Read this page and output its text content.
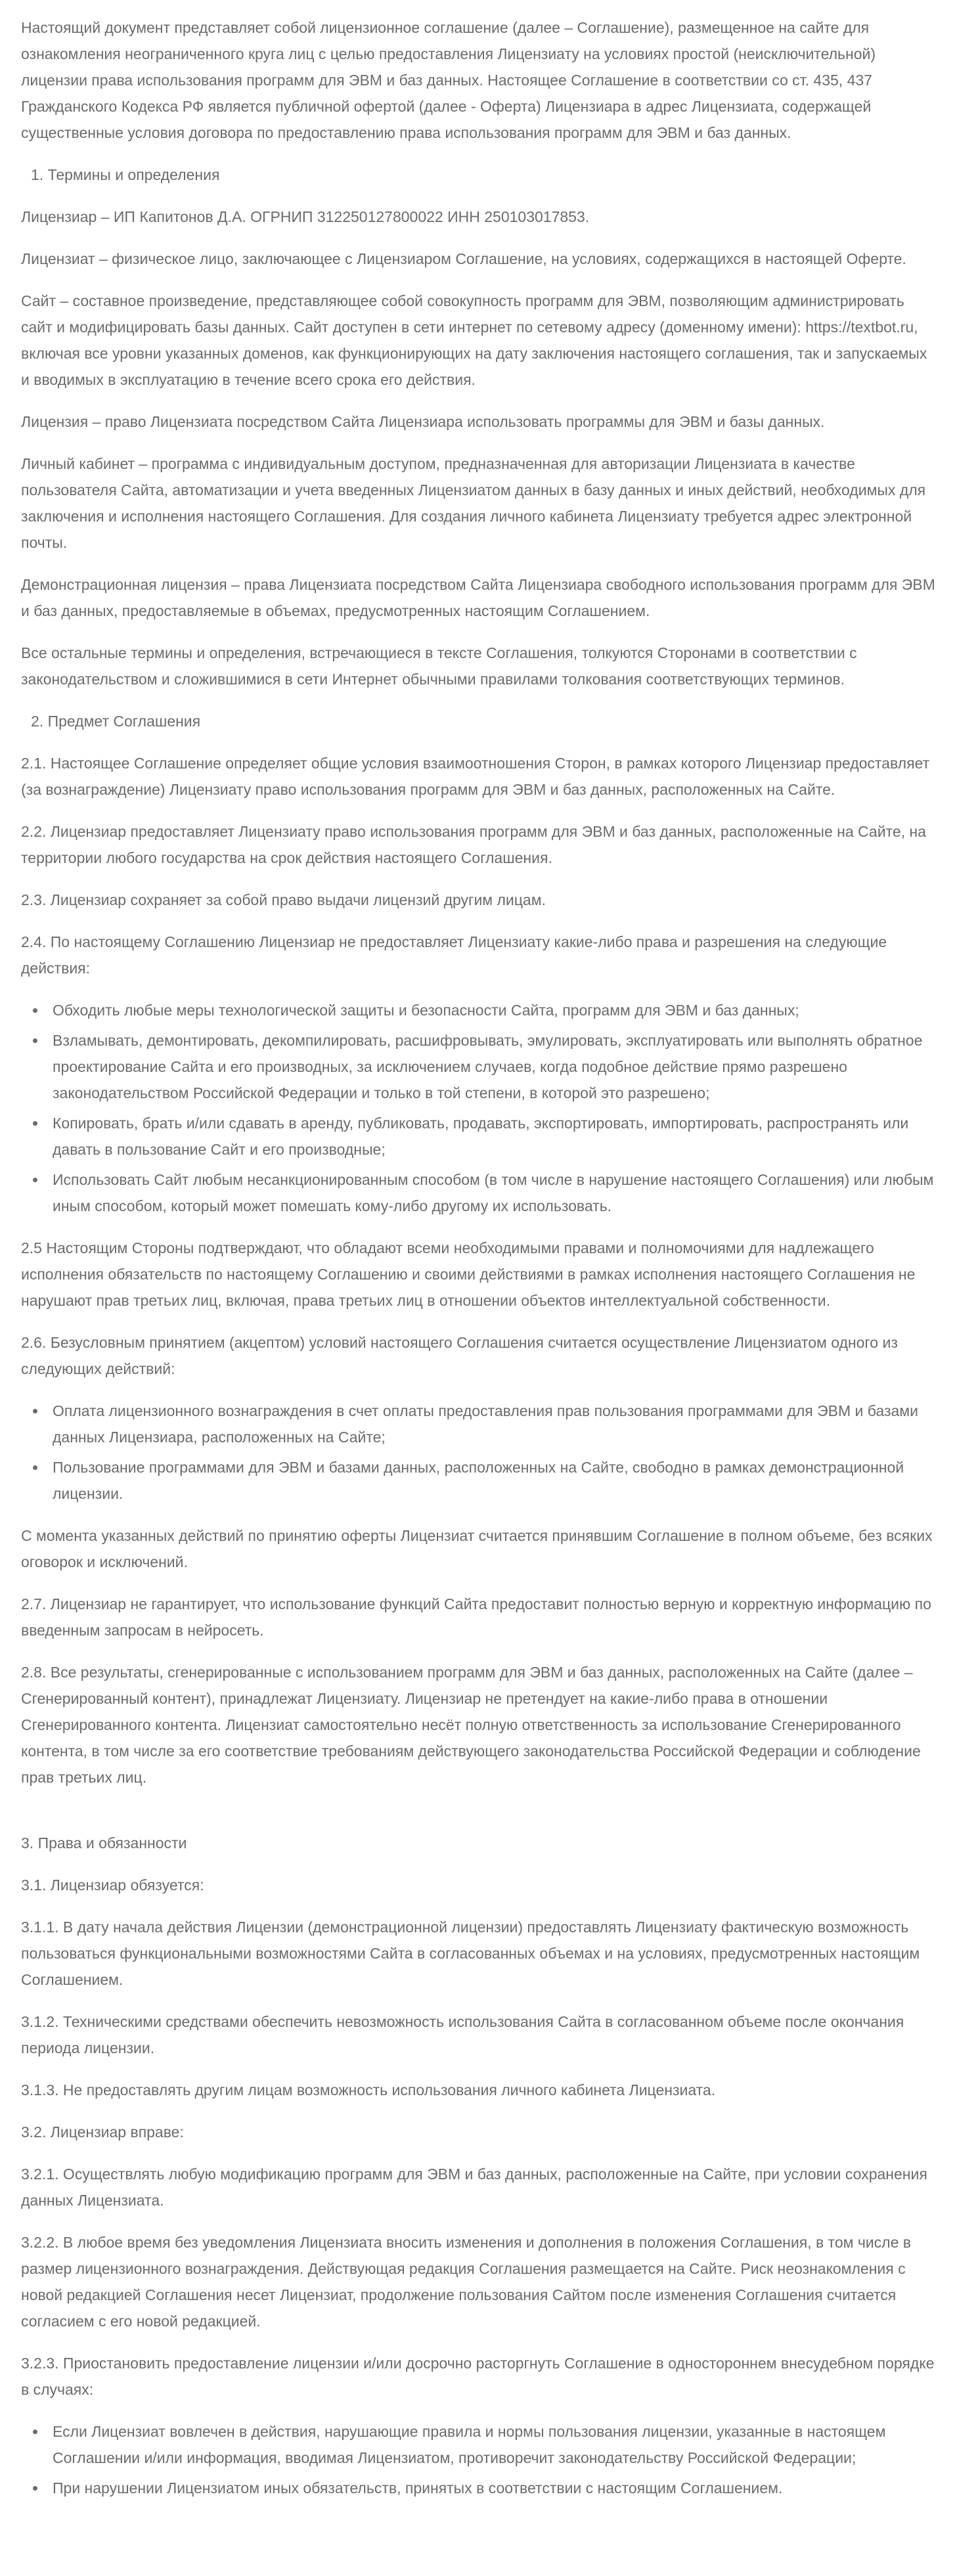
Настоящий документ представляет собой лицензионное соглашение (далее – Соглашение), размещенное на сайте для ознакомления неограниченного круга лиц с целью предоставления Лицензиату на условиях простой (неисключительной) лицензии права использования программ для ЭВМ и баз данных. Настоящее Соглашение в соответствии со ст. 435, 437 Гражданского Кодекса РФ является публичной офертой (далее - Оферта) Лицензиара в адрес Лицензиата, содержащей существенные условия договора по предоставлению права использования программ для ЭВМ и баз данных.

1. Термины и определения

Лицензиар – ИП Капитонов Д.А. ОГРНИП 312250127800022 ИНН 250103017853.

Лицензиат – физическое лицо, заключающее с Лицензиаром Соглашение, на условиях, содержащихся в настоящей Оферте.

Сайт – составное произведение, представляющее собой совокупность программ для ЭВМ, позволяющим администрировать сайт и модифицировать базы данных. Сайт доступен в сети интернет по сетевому адресу (доменному имени): https://textbot.ru, включая все уровни указанных доменов, как функционирующих на дату заключения настоящего соглашения, так и запускаемых и вводимых в эксплуатацию в течение всего срока его действия.

Лицензия – право Лицензиата посредством Сайта Лицензиара использовать программы для ЭВМ и базы данных.

Личный кабинет – программа с индивидуальным доступом, предназначенная для авторизации Лицензиата в качестве пользователя Сайта, автоматизации и учета введенных Лицензиатом данных в базу данных и иных действий, необходимых для заключения и исполнения настоящего Соглашения. Для создания личного кабинета Лицензиату требуется адрес электронной почты.

Демонстрационная лицензия – права Лицензиата посредством Сайта Лицензиара свободного использования программ для ЭВМ и баз данных, предоставляемые в объемах, предусмотренных настоящим Соглашением.

Все остальные термины и определения, встречающиеся в тексте Соглашения, толкуются Сторонами в соответствии с законодательством и сложившимися в сети Интернет обычными правилами толкования соответствующих терминов.

2. Предмет Соглашения

2.1. Настоящее Соглашение определяет общие условия взаимоотношения Сторон, в рамках которого Лицензиар предоставляет (за вознаграждение) Лицензиату право использования программ для ЭВМ и баз данных, расположенных на Сайте.

2.2. Лицензиар предоставляет Лицензиату право использования программ для ЭВМ и баз данных, расположенные на Сайте, на территории любого государства на срок действия настоящего Соглашения.

2.3. Лицензиар сохраняет за собой право выдачи лицензий другим лицам.

2.4. По настоящему Соглашению Лицензиар не предоставляет Лицензиату какие-либо права и разрешения на следующие действия:

Обходить любые меры технологической защиты и безопасности Сайта, программ для ЭВМ и баз данных;
Взламывать, демонтировать, декомпилировать, расшифровывать, эмулировать, эксплуатировать или выполнять обратное проектирование Сайта и его производных, за исключением случаев, когда подобное действие прямо разрешено законодательством Российской Федерации и только в той степени, в которой это разрешено;
Копировать, брать и/или сдавать в аренду, публиковать, продавать, экспортировать, импортировать, распространять или давать в пользование Сайт и его производные;
Использовать Сайт любым несанкционированным способом (в том числе в нарушение настоящего Соглашения) или любым иным способом, который может помешать кому-либо другому их использовать.

2.5 Настоящим Стороны подтверждают, что обладают всеми необходимыми правами и полномочиями для надлежащего исполнения обязательств по настоящему Соглашению и своими действиями в рамках исполнения настоящего Соглашения не нарушают прав третьих лиц, включая, права третьих лиц в отношении объектов интеллектуальной собственности.

2.6. Безусловным принятием (акцептом) условий настоящего Соглашения считается осуществление Лицензиатом одного из следующих действий:

Оплата лицензионного вознаграждения в счет оплаты предоставления прав пользования программами для ЭВМ и базами данных Лицензиара, расположенных на Сайте;
Пользование программами для ЭВМ и базами данных, расположенных на Сайте, свободно в рамках демонстрационной лицензии.

С момента указанных действий по принятию оферты Лицензиат считается принявшим Соглашение в полном объеме, без всяких оговорок и исключений.

2.7. Лицензиар не гарантирует, что использование функций Сайта предоставит полностью верную и корректную информацию по введенным запросам в нейросеть.

2.8. Все результаты, сгенерированные с использованием программ для ЭВМ и баз данных, расположенных на Сайте (далее – Сгенерированный контент), принадлежат Лицензиату. Лицензиар не претендует на какие-либо права в отношении Сгенерированного контента. Лицензиат самостоятельно несёт полную ответственность за использование Сгенерированного контента, в том числе за его соответствие требованиям действующего законодательства Российской Федерации и соблюдение прав третьих лиц.

3. Права и обязанности

3.1. Лицензиар обязуется:

3.1.1. В дату начала действия Лицензии (демонстрационной лицензии) предоставлять Лицензиату фактическую возможность пользоваться функциональными возможностями Сайта в согласованных объемах и на условиях, предусмотренных настоящим Соглашением.

3.1.2. Техническими средствами обеспечить невозможность использования Сайта в согласованном объеме после окончания периода лицензии.

3.1.3. Не предоставлять другим лицам возможность использования личного кабинета Лицензиата.

3.2. Лицензиар вправе:

3.2.1. Осуществлять любую модификацию программ для ЭВМ и баз данных, расположенные на Сайте, при условии сохранения данных Лицензиата.

3.2.2. В любое время без уведомления Лицензиата вносить изменения и дополнения в положения Соглашения, в том числе в размер лицензионного вознаграждения. Действующая редакция Соглашения размещается на Сайте. Риск неознакомления с новой редакцией Соглашения несет Лицензиат, продолжение пользования Сайтом после изменения Соглашения считается согласием с его новой редакцией.

3.2.3. Приостановить предоставление лицензии и/или досрочно расторгнуть Соглашение в одностороннем внесудебном порядке в случаях:

Если Лицензиат вовлечен в действия, нарушающие правила и нормы пользования лицензии, указанные в настоящем Соглашении и/или информация, вводимая Лицензиатом, противоречит законодательству Российской Федерации;
При нарушении Лицензиатом иных обязательств, принятых в соответствии с настоящим Соглашением.
